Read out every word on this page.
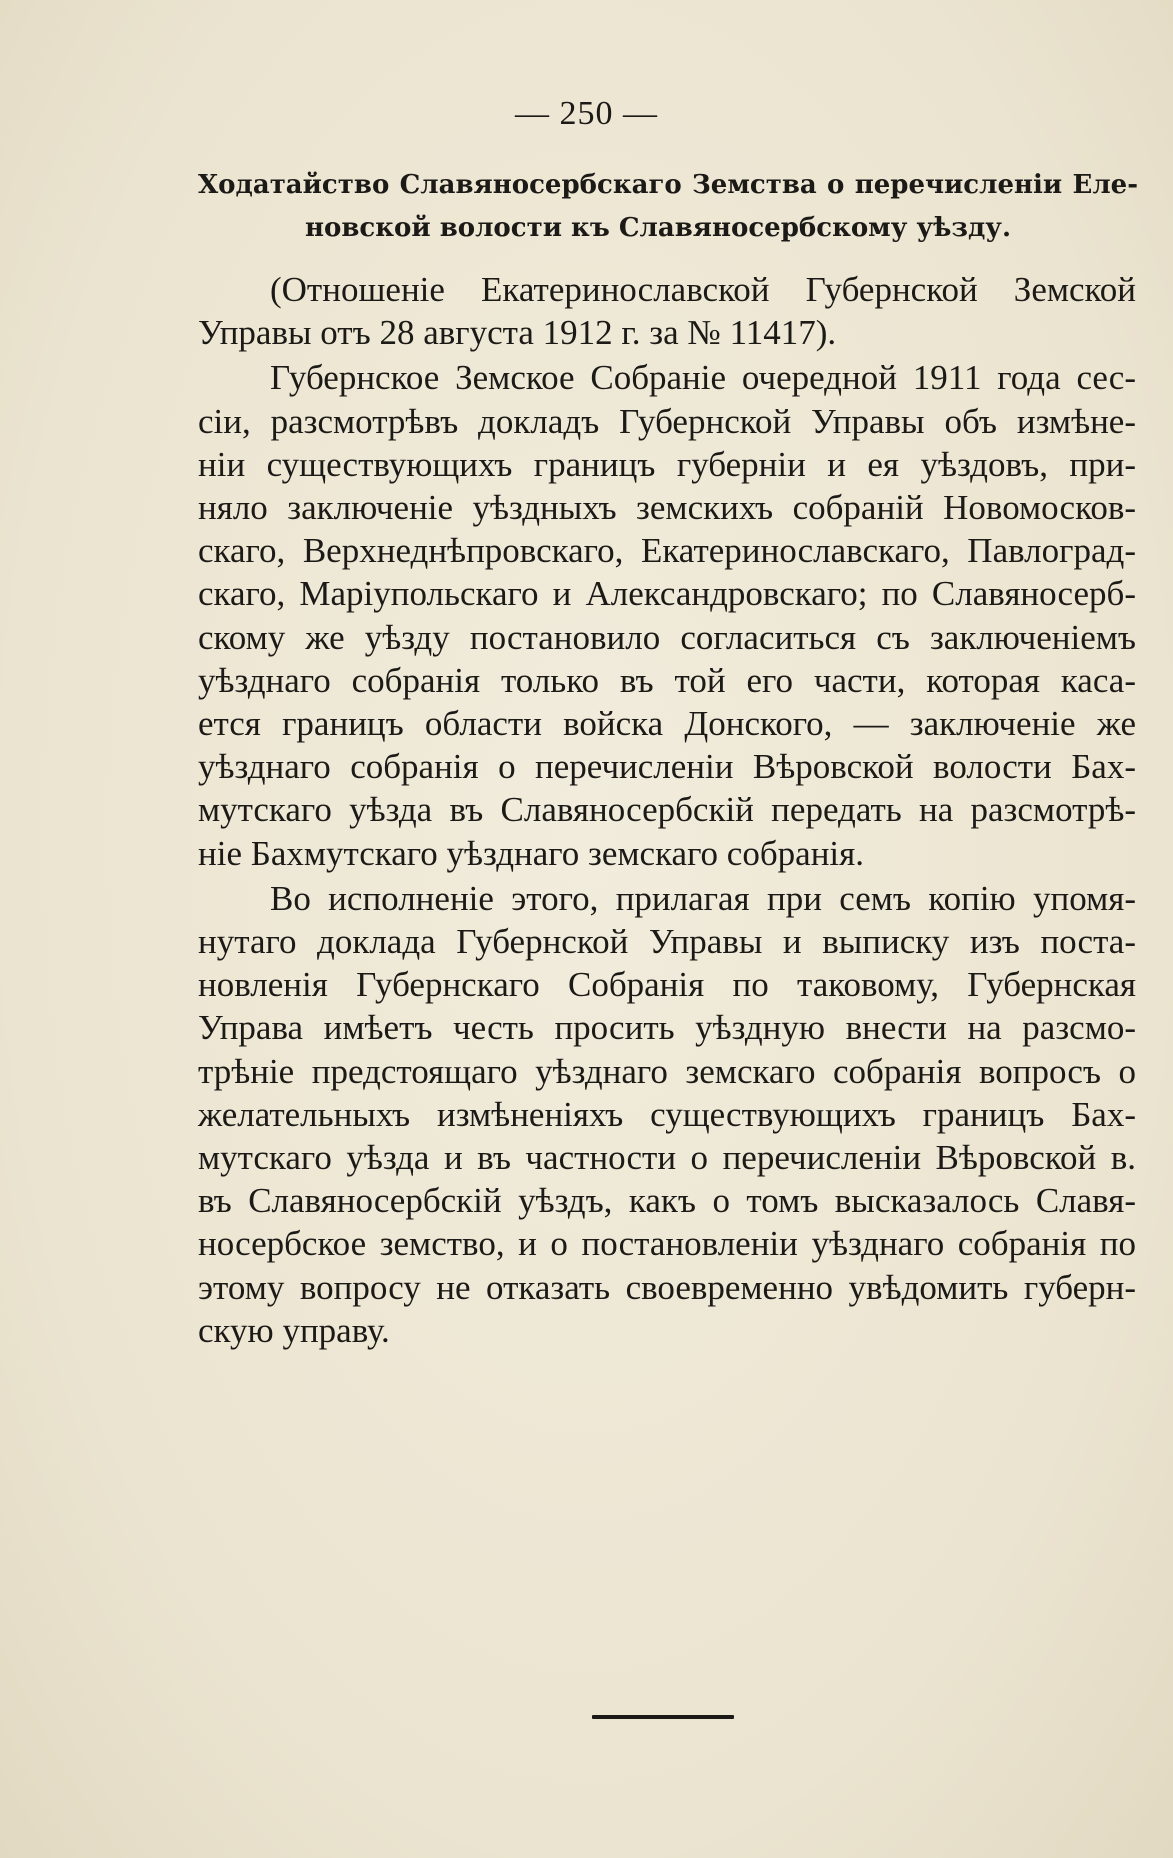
— 250 —
Ходатайство Славяносербскаго Земства о перечисленіи Еле-
новской волости къ Славяносербскому уѣзду.
(Отношеніе Екатеринославской Губернской Земской
Управы отъ 28 августа 1912 г. за № 11417).
Губернское Земское Собраніе очередной 1911 года сес-
сіи, разсмотрѣвъ докладъ Губернской Управы объ измѣне-
ніи существующихъ границъ губерніи и ея уѣздовъ, при-
няло заключеніе уѣздныхъ земскихъ собраній Новомосков-
скаго, Верхнеднѣпровскаго, Екатеринославскаго, Павлоград-
скаго, Маріупольскаго и Александровскаго; по Славяносерб-
скому же уѣзду постановило согласиться съ заключеніемъ
уѣзднаго собранія только въ той его части, которая каса-
ется границъ области войска Донского, — заключеніе же
уѣзднаго собранія о перечисленіи Вѣровской волости Бах-
мутскаго уѣзда въ Славяносербскій передать на разсмотрѣ-
ніе Бахмутскаго уѣзднаго земскаго собранія.
Во исполненіе этого, прилагая при семъ копію упомя-
нутаго доклада Губернской Управы и выписку изъ поста-
новленія Губернскаго Собранія по таковому, Губернская
Управа имѣетъ честь просить уѣздную внести на разсмо-
трѣніе предстоящаго уѣзднаго земскаго собранія вопросъ о
желательныхъ измѣненіяхъ существующихъ границъ Бах-
мутскаго уѣзда и въ частности о перечисленіи Вѣровской в.
въ Славяносербскій уѣздъ, какъ о томъ высказалось Славя-
носербское земство, и о постановленіи уѣзднаго собранія по
этому вопросу не отказать своевременно увѣдомить губерн-
скую управу.
